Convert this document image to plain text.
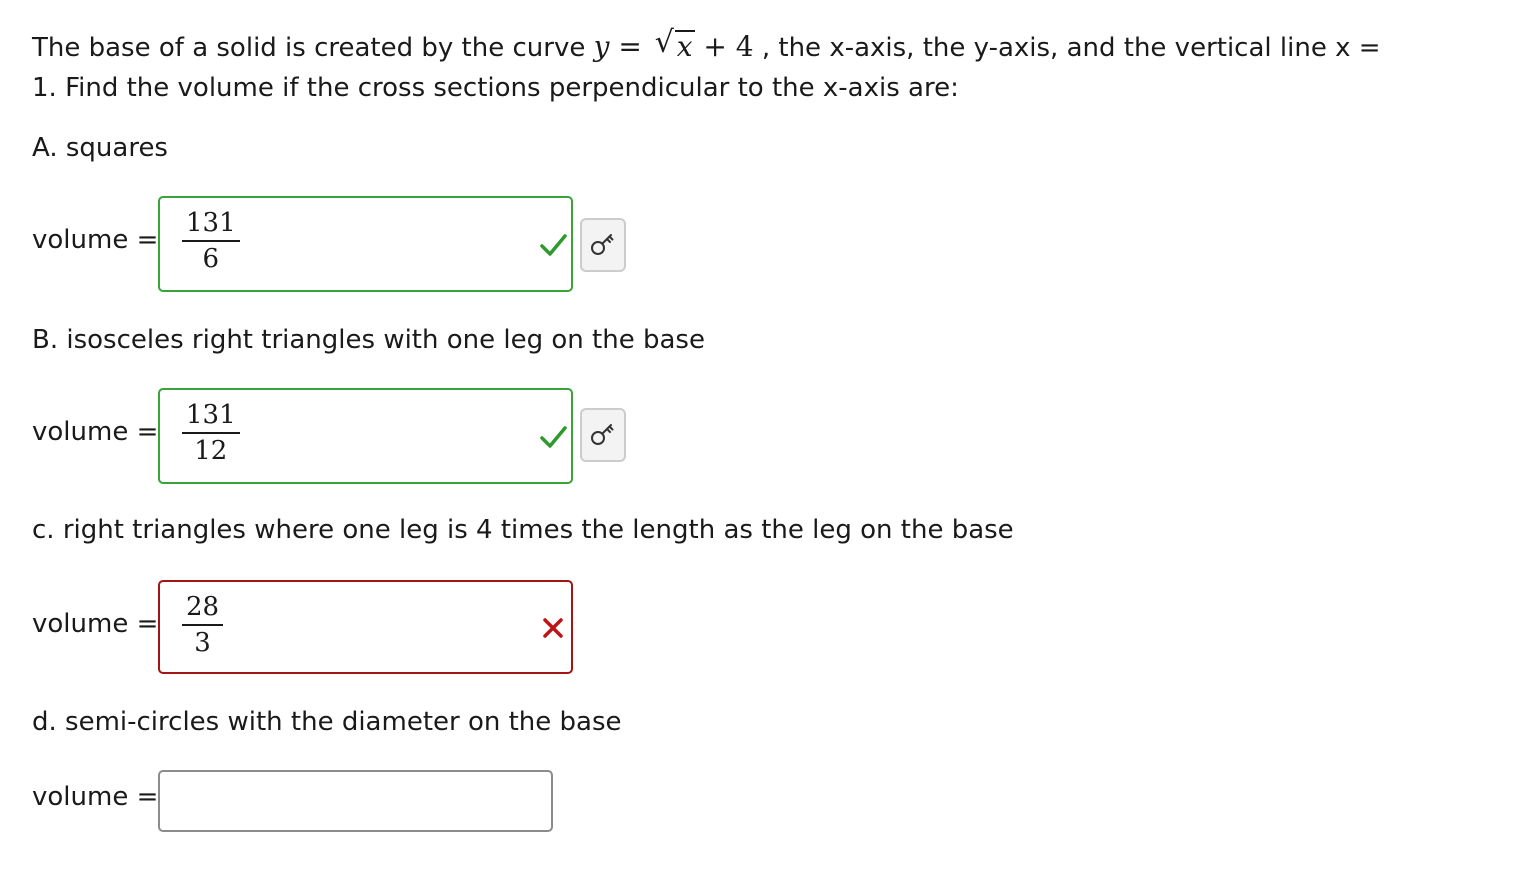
The base of a solid is created by the curve y = √ x + 4 , the x-axis, the y-axis, and the vertical line x =
1. Find the volume if the cross sections perpendicular to the x-axis are:
A. squares
volume =
131
6
B. isosceles right triangles with one leg on the base
volume =
131
12
c. right triangles where one leg is 4 times the length as the leg on the base
volume =
28
3
d. semi-circles with the diameter on the base
volume =
